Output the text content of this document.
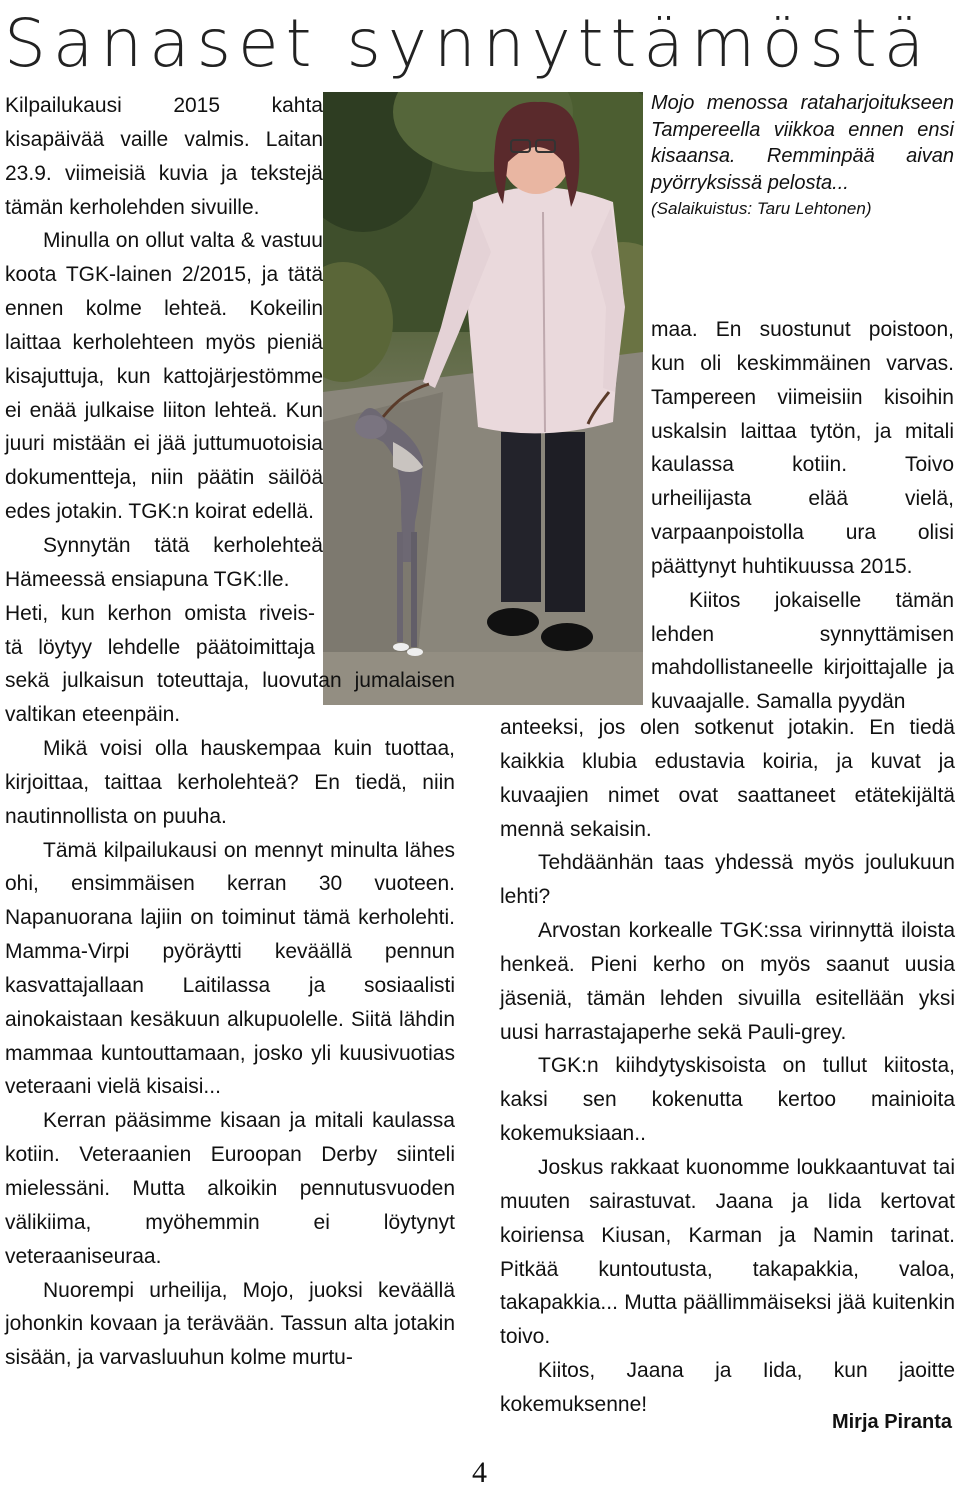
Sanaset synnyttämöstä
Mojo menossa rataharjoitukseen Tampereella viikkoa ennen ensi kisaansa. Remminpää aivan pyörryksissä pelosta...
(Salaikuistus: Taru Lehtonen)

Kilpailukausi 2015 kahta kisapäivää vaille valmis. Laitan 23.9. viimeisiä kuvia ja tekstejä tämän kerholehden sivuille.

Minulla on ollut valta & vastuu koota TGK-lainen 2/2015, ja tätä ennen kolme lehteä. Kokeilin laittaa kerholehteen myös pieniä kisajuttuja, kun kattojärjestömme ei enää julkaise liiton lehteä. Kun juuri mistään ei jää juttumuotoisia dokumentteja, niin päätin säilöä edes jotakin. TGK:n koirat edellä.

Synnytän tätä kerholehteä Hämeessä ensiapuna TGK:lle.

Heti, kun kerhon omista riveis-
tä löytyy lehdelle päätoimittaja
sekä julkaisun toteuttaja, luovutan jumalaisen valtikan eteenpäin.

Mikä voisi olla hauskempaa kuin tuottaa, kirjoittaa, taittaa kerholehteä? En tiedä, niin nautinnollista on puuha.

Tämä kilpailukausi on mennyt minulta lähes ohi, ensimmäisen kerran 30 vuoteen. Napanuorana lajiin on toiminut tämä kerholehti. Mamma-Virpi pyöräytti keväällä pennun kasvattajallaan Laitilassa ja sosiaalisti ainokaistaan kesäkuun alkupuolelle. Siitä lähdin mammaa kuntouttamaan, josko yli kuusivuotias veteraani vielä kisaisi...

Kerran pääsimme kisaan ja mitali kaulassa kotiin. Veteraanien Euroopan Derby siinteli mielessäni. Mutta alkoikin pennutusvuoden välikiima, myöhemmin ei löytynyt veteraaniseuraa.

Nuorempi urheilija, Mojo, juoksi keväällä johonkin kovaan ja terävään. Tassun alta jotakin sisään, ja varvasluuhun kolme murtu-

maa. En suostunut poistoon, kun oli keskimmäinen varvas. Tampereen viimeisiin kisoihin uskalsin laittaa tytön, ja mitali kaulassa kotiin. Toivo urheilijasta elää vielä, varpaanpoistolla ura olisi päättynyt huhtikuussa 2015.

Kiitos jokaiselle tämän lehden synnyttämisen mahdollistaneelle kirjoittajalle ja kuvaajalle. Samalla pyydän

anteeksi, jos olen sotkenut jotakin. En tiedä kaikkia klubia edustavia koiria, ja kuvat ja kuvaajien nimet ovat saattaneet etätekijältä mennä sekaisin.

Tehdäänhän taas yhdessä myös joulukuun lehti?

Arvostan korkealle TGK:ssa virinnyttä iloista henkeä. Pieni kerho on myös saanut uusia jäseniä, tämän lehden sivuilla esitellään yksi uusi harrastajaperhe sekä Pauli-grey.

TGK:n kiihdytyskisoista on tullut kiitosta, kaksi sen kokenutta kertoo mainioita kokemuksiaan..

Joskus rakkaat kuonomme loukkaantuvat tai muuten sairastuvat. Jaana ja Iida kertovat koiriensa Kiusan, Karman ja Namin tarinat. Pitkää kuntoutusta, takapakkia, valoa, takapakkia... Mutta päällimmäiseksi jää kuitenkin toivo.

Kiitos, Jaana ja Iida, kun jaoitte kokemuksenne!

Mirja Piranta
4
